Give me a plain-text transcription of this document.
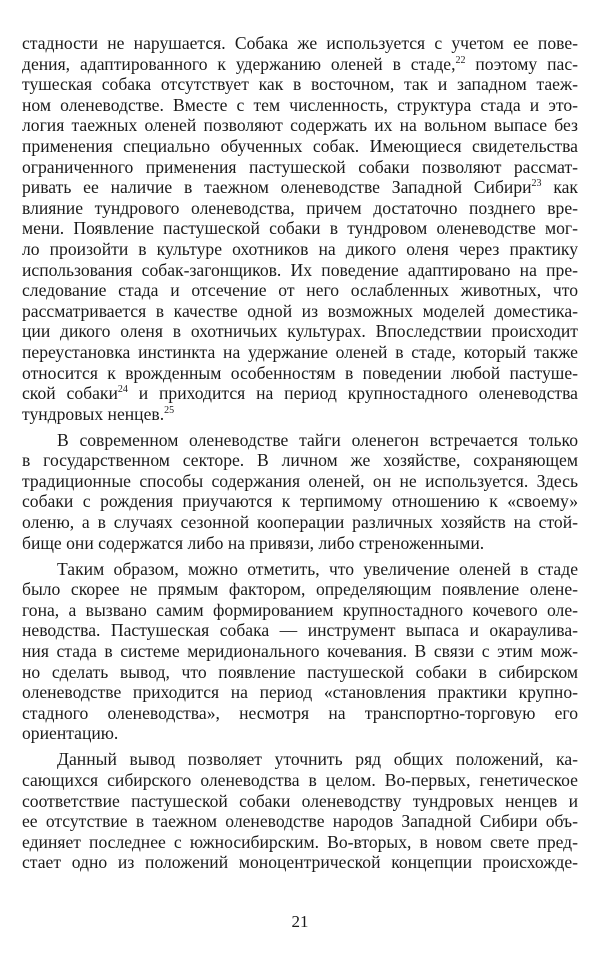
стадности не нарушается. Собака же используется с учетом ее пове-
дения, адаптированного к удержанию оленей в стаде,$^{22}$ поэтому пас-
тушеская собака отсутствует как в восточном, так и западном таеж-
ном оленеводстве. Вместе с тем численность, структура стада и это-
логия таежных оленей позволяют содержать их на вольном выпасе без
применения специально обученных собак. Имеющиеся свидетельства
ограниченного применения пастушеской собаки позволяют рассмат-
ривать ее наличие в таежном оленеводстве Западной Сибири$^{23}$ как
влияние тундрового оленеводства, причем достаточно позднего вре-
мени. Появление пастушеской собаки в тундровом оленеводстве мог-
ло произойти в культуре охотников на дикого оленя через практику
использования собак-загонщиков. Их поведение адаптировано на пре-
следование стада и отсечение от него ослабленных животных, что
рассматривается в качестве одной из возможных моделей доместика-
ции дикого оленя в охотничьих культурах. Впоследствии происходит
переустановка инстинкта на удержание оленей в стаде, который также
относится к врожденным особенностям в поведении любой пастуше-
ской собаки$^{24}$ и приходится на период крупностадного оленеводства
тундровых ненцев.$^{25}$
В современном оленеводстве тайги оленегон встречается только
в государственном секторе. В личном же хозяйстве, сохраняющем
традиционные способы содержания оленей, он не используется. Здесь
собаки с рождения приучаются к терпимому отношению к «своему»
оленю, а в случаях сезонной кооперации различных хозяйств на стой-
бище они содержатся либо на привязи, либо стреноженными.
Таким образом, можно отметить, что увеличение оленей в стаде
было скорее не прямым фактором, определяющим появление олене-
гона, а вызвано самим формированием крупностадного кочевого оле-
неводства. Пастушеская собака — инструмент выпаса и окараулива-
ния стада в системе меридионального кочевания. В связи с этим мож-
но сделать вывод, что появление пастушеской собаки в сибирском
оленеводстве приходится на период «становления практики крупно-
стадного оленеводства», несмотря на транспортно-торговую его
ориентацию.
Данный вывод позволяет уточнить ряд общих положений, ка-
сающихся сибирского оленеводства в целом. Во-первых, генетическое
соответствие пастушеской собаки оленеводству тундровых ненцев и
ее отсутствие в таежном оленеводстве народов Западной Сибири объ-
единяет последнее с южносибирским. Во-вторых, в новом свете пред-
стает одно из положений моноцентрической концепции происхожде-
21
